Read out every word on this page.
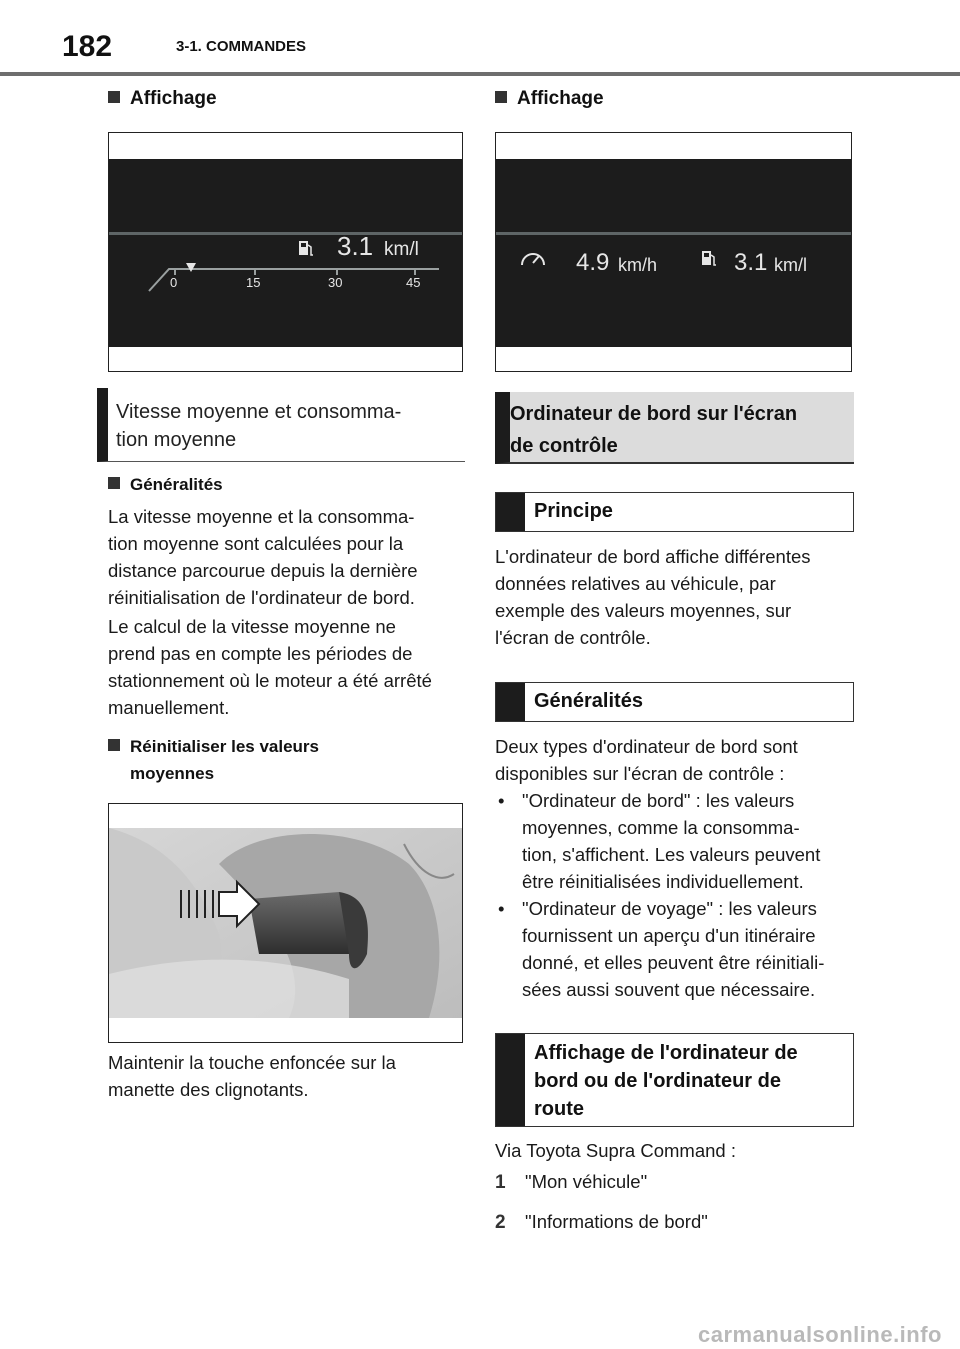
182	3-1. COMMANDES
Affichage
3.1 km/l
0	15	30	45
Vitesse moyenne et consomma-
tion moyenne
Généralités
La vitesse moyenne et la consomma-
tion moyenne sont calculées pour la
distance parcourue depuis la dernière
réinitialisation de l'ordinateur de bord.
Le calcul de la vitesse moyenne ne
prend pas en compte les périodes de
stationnement où le moteur a été arrêté
manuellement.
Réinitialiser les valeurs
moyennes
Maintenir la touche enfoncée sur la
manette des clignotants.
Affichage
4.9 km/h	3.1 km/l
Ordinateur de bord sur l'écran
de contrôle
Principe
L'ordinateur de bord affiche différentes
données relatives au véhicule, par
exemple des valeurs moyennes, sur
l'écran de contrôle.
Généralités
Deux types d'ordinateur de bord sont
disponibles sur l'écran de contrôle :
• "Ordinateur de bord" : les valeurs
moyennes, comme la consomma-
tion, s'affichent. Les valeurs peuvent
être réinitialisées individuellement.
• "Ordinateur de voyage" : les valeurs
fournissent un aperçu d'un itinéraire
donné, et elles peuvent être réinitiali-
sées aussi souvent que nécessaire.
Affichage de l'ordinateur de
bord ou de l'ordinateur de
route
Via Toyota Supra Command :
1 "Mon véhicule"
2 "Informations de bord"
carmanualsonline.info
